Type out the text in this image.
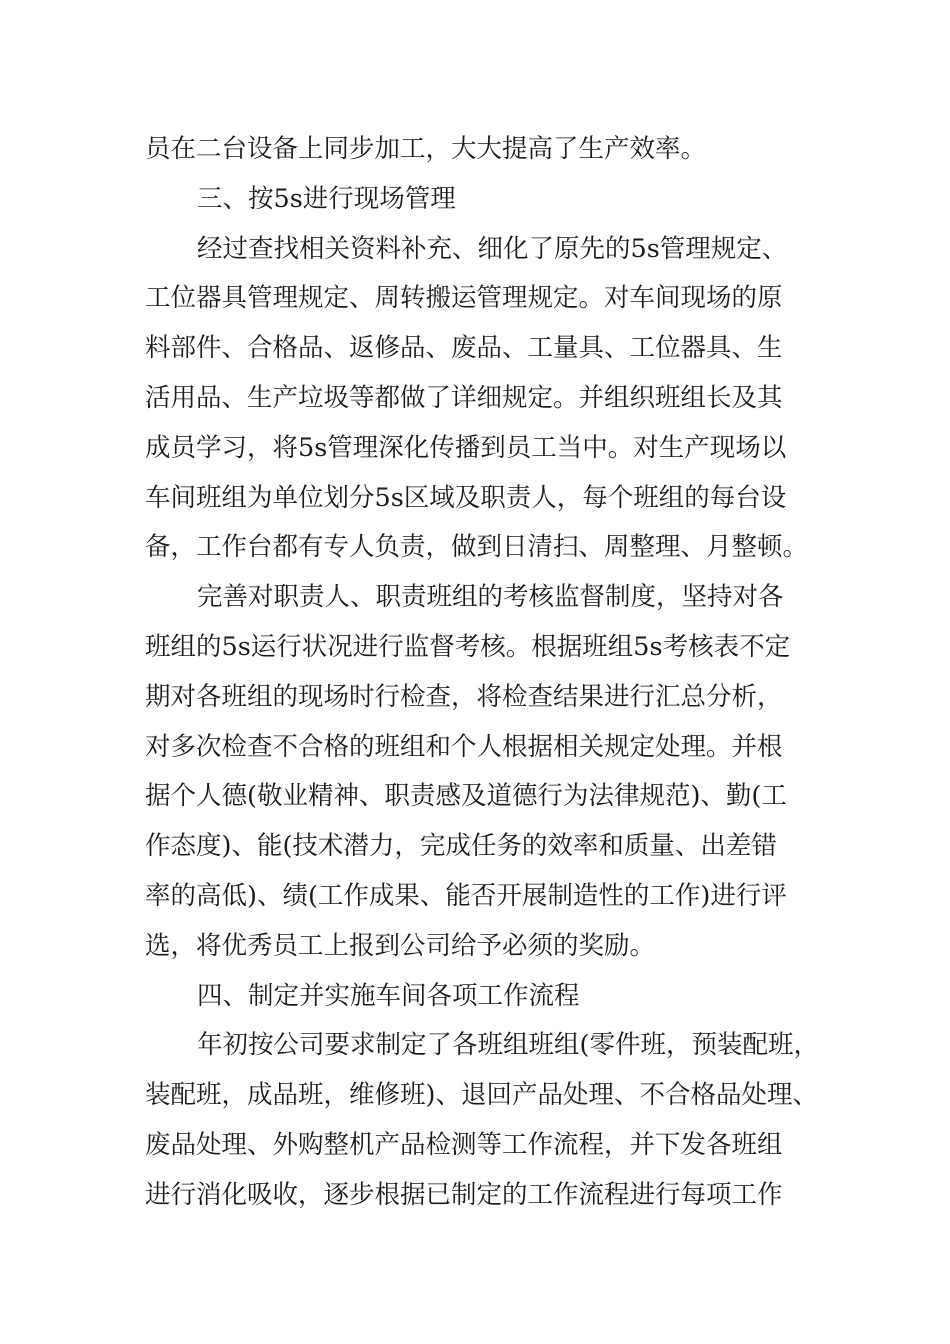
员在二台设备上同步加工，大大提高了生产效率。
三、按5s进行现场管理
经过查找相关资料补充、细化了原先的5s管理规定、
工位器具管理规定、周转搬运管理规定。对车间现场的原
料部件、合格品、返修品、废品、工量具、工位器具、生
活用品、生产垃圾等都做了详细规定。并组织班组长及其
成员学习，将5s管理深化传播到员工当中。对生产现场以
车间班组为单位划分5s区域及职责人，每个班组的每台设
备，工作台都有专人负责，做到日清扫、周整理、月整顿。
完善对职责人、职责班组的考核监督制度，坚持对各
班组的5s运行状况进行监督考核。根据班组5s考核表不定
期对各班组的现场时行检查，将检查结果进行汇总分析，
对多次检查不合格的班组和个人根据相关规定处理。并根
据个人德(敬业精神、职责感及道德行为法律规范)、勤(工
作态度)、能(技术潜力，完成任务的效率和质量、出差错
率的高低)、绩(工作成果、能否开展制造性的工作)进行评
选，将优秀员工上报到公司给予必须的奖励。
四、制定并实施车间各项工作流程
年初按公司要求制定了各班组班组(零件班，预装配班，
装配班，成品班，维修班)、退回产品处理、不合格品处理、
废品处理、外购整机产品检测等工作流程，并下发各班组
进行消化吸收，逐步根据已制定的工作流程进行每项工作
